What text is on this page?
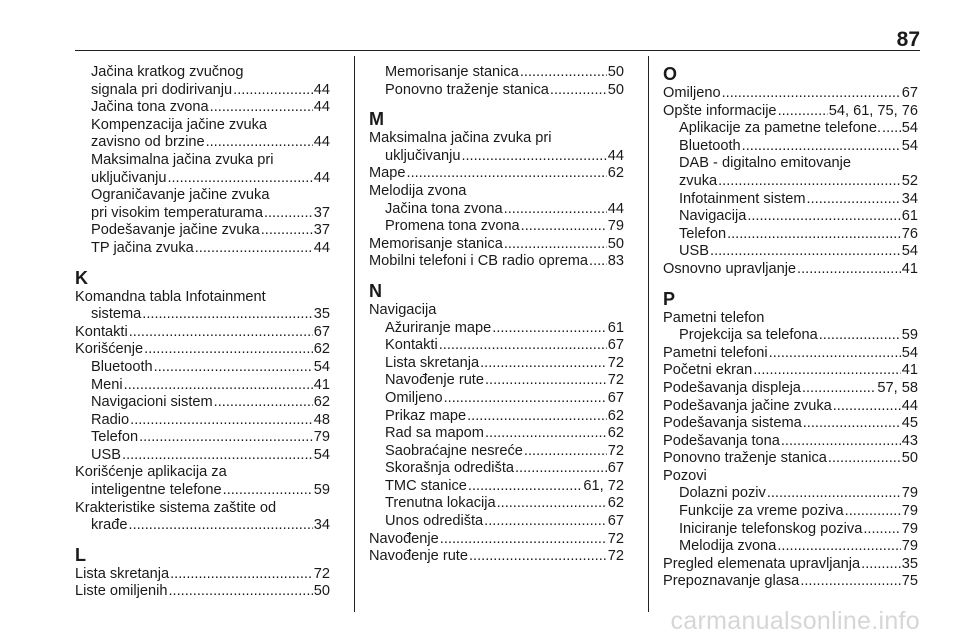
87
Jačina kratkog zvučnog
signala pri dodirivanju .....	44
Jačina tona zvona .....	44
Kompenzacija jačine zvuka
zavisno od brzine .....	44
Maksimalna jačina zvuka pri
uključivanju .....	44
Ograničavanje jačine zvuka
pri visokim temperaturama .....	37
Podešavanje jačine zvuka .....	37
TP jačina zvuka .....	44
K
Komandna tabla Infotainment
sistema .....	35
Kontakti .....	67
Korišćenje .....	62
Bluetooth .....	54
Meni .....	41
Navigacioni sistem .....	62
Radio .....	48
Telefon .....	79
USB .....	54
Korišćenje aplikacija za
inteligentne telefone .....	59
Krakteristike sistema zaštite od
krađe .....	34
L
Lista skretanja .....	72
Liste omiljenih .....	50
Memorisanje stanica .....	50
Ponovno traženje stanica .....	50
M
Maksimalna jačina zvuka pri
uključivanju .....	44
Mape .....	62
Melodija zvona
Jačina tona zvona .....	44
Promena tona zvona .....	79
Memorisanje stanica .....	50
Mobilni telefoni i CB radio oprema ..... 83
N
Navigacija
Ažuriranje mape .....	61
Kontakti .....	67
Lista skretanja .....	72
Navođenje rute .....	72
Omiljeno .....	67
Prikaz mape .....	62
Rad sa mapom .....	62
Saobraćajne nesreće .....	72
Skorašnja odredišta .....	67
TMC stanice .....	61, 72
Trenutna lokacija .....	62
Unos odredišta .....	67
Navođenje .....	72
Navođenje rute .....	72
O
Omiljeno .....	67
Opšte informacije .....	54, 61, 75, 76
Aplikacije za pametne telefone. ..... 54
Bluetooth .....	54
DAB - digitalno emitovanje
zvuka .....	52
Infotainment sistem .....	34
Navigacija .....	61
Telefon .....	76
USB .....	54
Osnovno upravljanje .....	41
P
Pametni telefon
Projekcija sa telefona .....	59
Pametni telefoni .....	54
Početni ekran .....	41
Podešavanja displeja .....	57, 58
Podešavanja jačine zvuka .....	44
Podešavanja sistema .....	45
Podešavanja tona .....	43
Ponovno traženje stanica .....	50
Pozovi
Dolazni poziv .....	79
Funkcije za vreme poziva .....	79
Iniciranje telefonskog poziva .....	79
Melodija zvona .....	79
Pregled elemenata upravljanja .....	35
Prepoznavanje glasa .....	75
carmanualsonline.info
